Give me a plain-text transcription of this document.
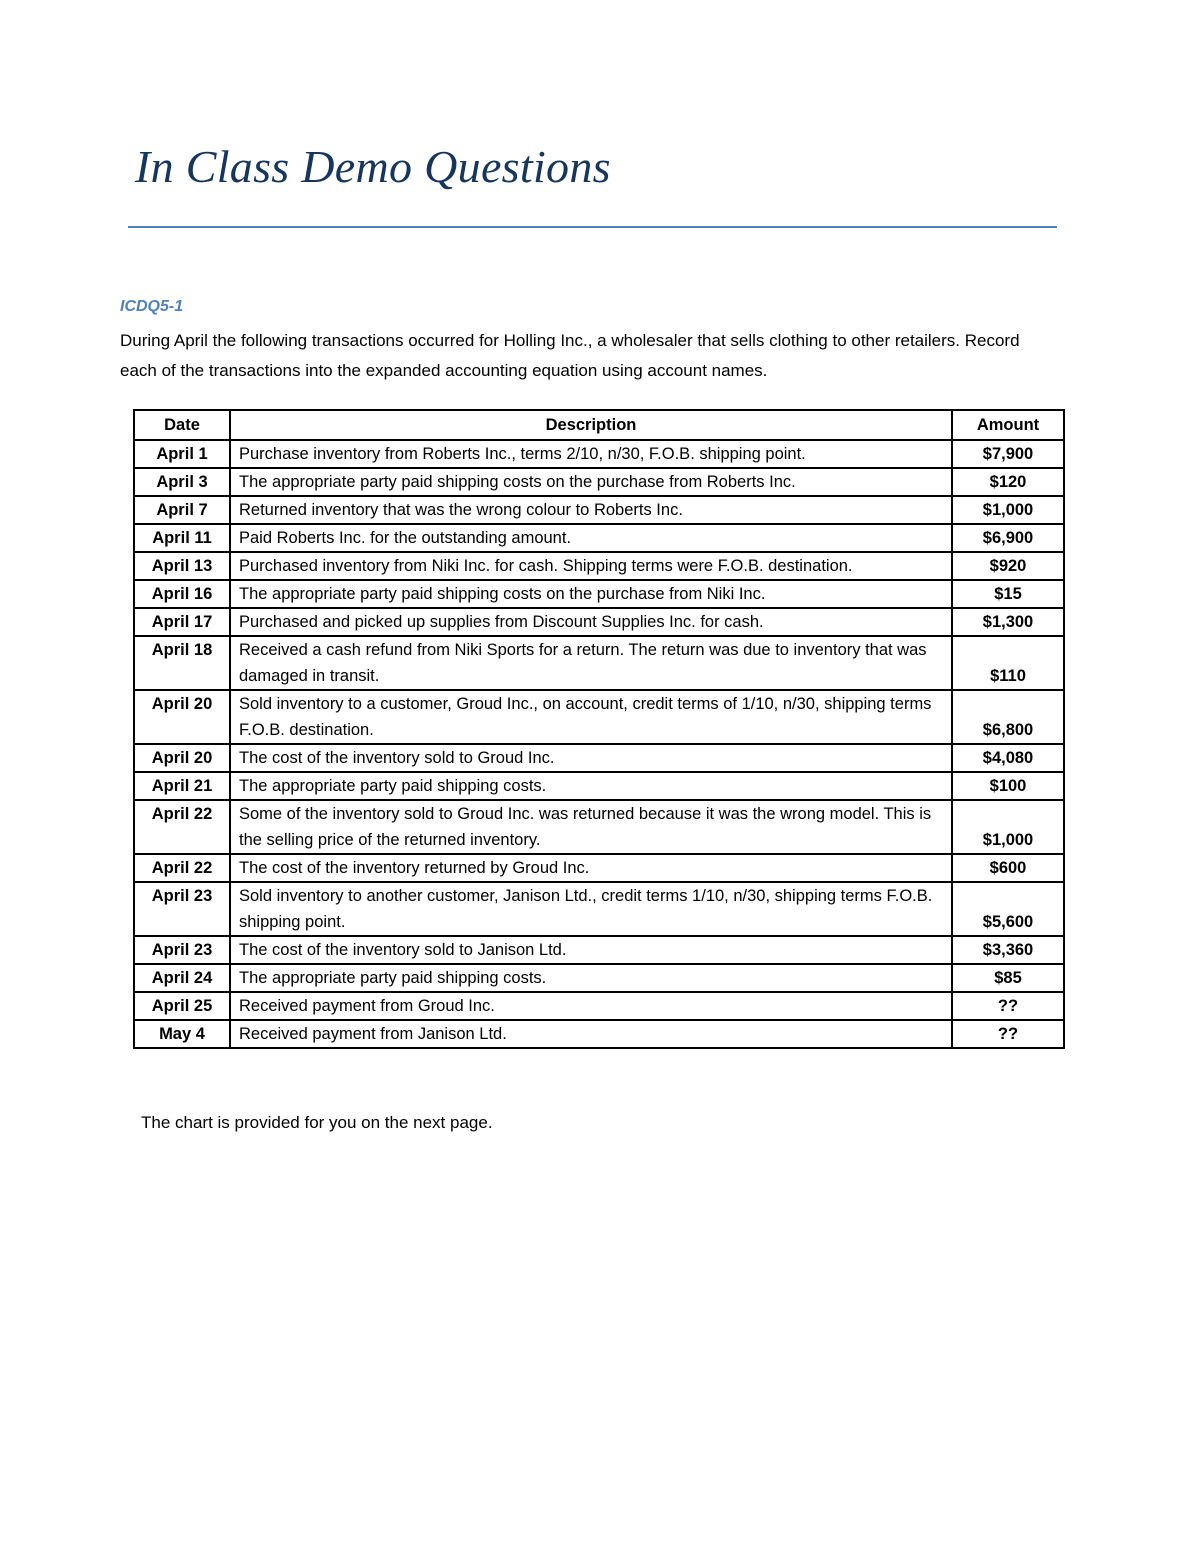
In Class Demo Questions
ICDQ5-1
During April the following transactions occurred for Holling Inc., a wholesaler that sells clothing to other retailers. Record each of the transactions into the expanded accounting equation using account names.
Date	Description	Amount
April 1	Purchase inventory from Roberts Inc., terms 2/10, n/30, F.O.B. shipping point.	$7,900
April 3	The appropriate party paid shipping costs on the purchase from Roberts Inc.	$120
April 7	Returned inventory that was the wrong colour to Roberts Inc.	$1,000
April 11	Paid Roberts Inc. for the outstanding amount.	$6,900
April 13	Purchased inventory from Niki Inc. for cash. Shipping terms were F.O.B. destination.	$920
April 16	The appropriate party paid shipping costs on the purchase from Niki Inc.	$15
April 17	Purchased and picked up supplies from Discount Supplies Inc. for cash.	$1,300
April 18	Received a cash refund from Niki Sports for a return. The return was due to inventory that was damaged in transit.	$110
April 20	Sold inventory to a customer, Groud Inc., on account, credit terms of 1/10, n/30, shipping terms F.O.B. destination.	$6,800
April 20	The cost of the inventory sold to Groud Inc.	$4,080
April 21	The appropriate party paid shipping costs.	$100
April 22	Some of the inventory sold to Groud Inc. was returned because it was the wrong model. This is the selling price of the returned inventory.	$1,000
April 22	The cost of the inventory returned by Groud Inc.	$600
April 23	Sold inventory to another customer, Janison Ltd., credit terms 1/10, n/30, shipping terms F.O.B. shipping point.	$5,600
April 23	The cost of the inventory sold to Janison Ltd.	$3,360
April 24	The appropriate party paid shipping costs.	$85
April 25	Received payment from Groud Inc.	??
May 4	Received payment from Janison Ltd.	??
The chart is provided for you on the next page.
